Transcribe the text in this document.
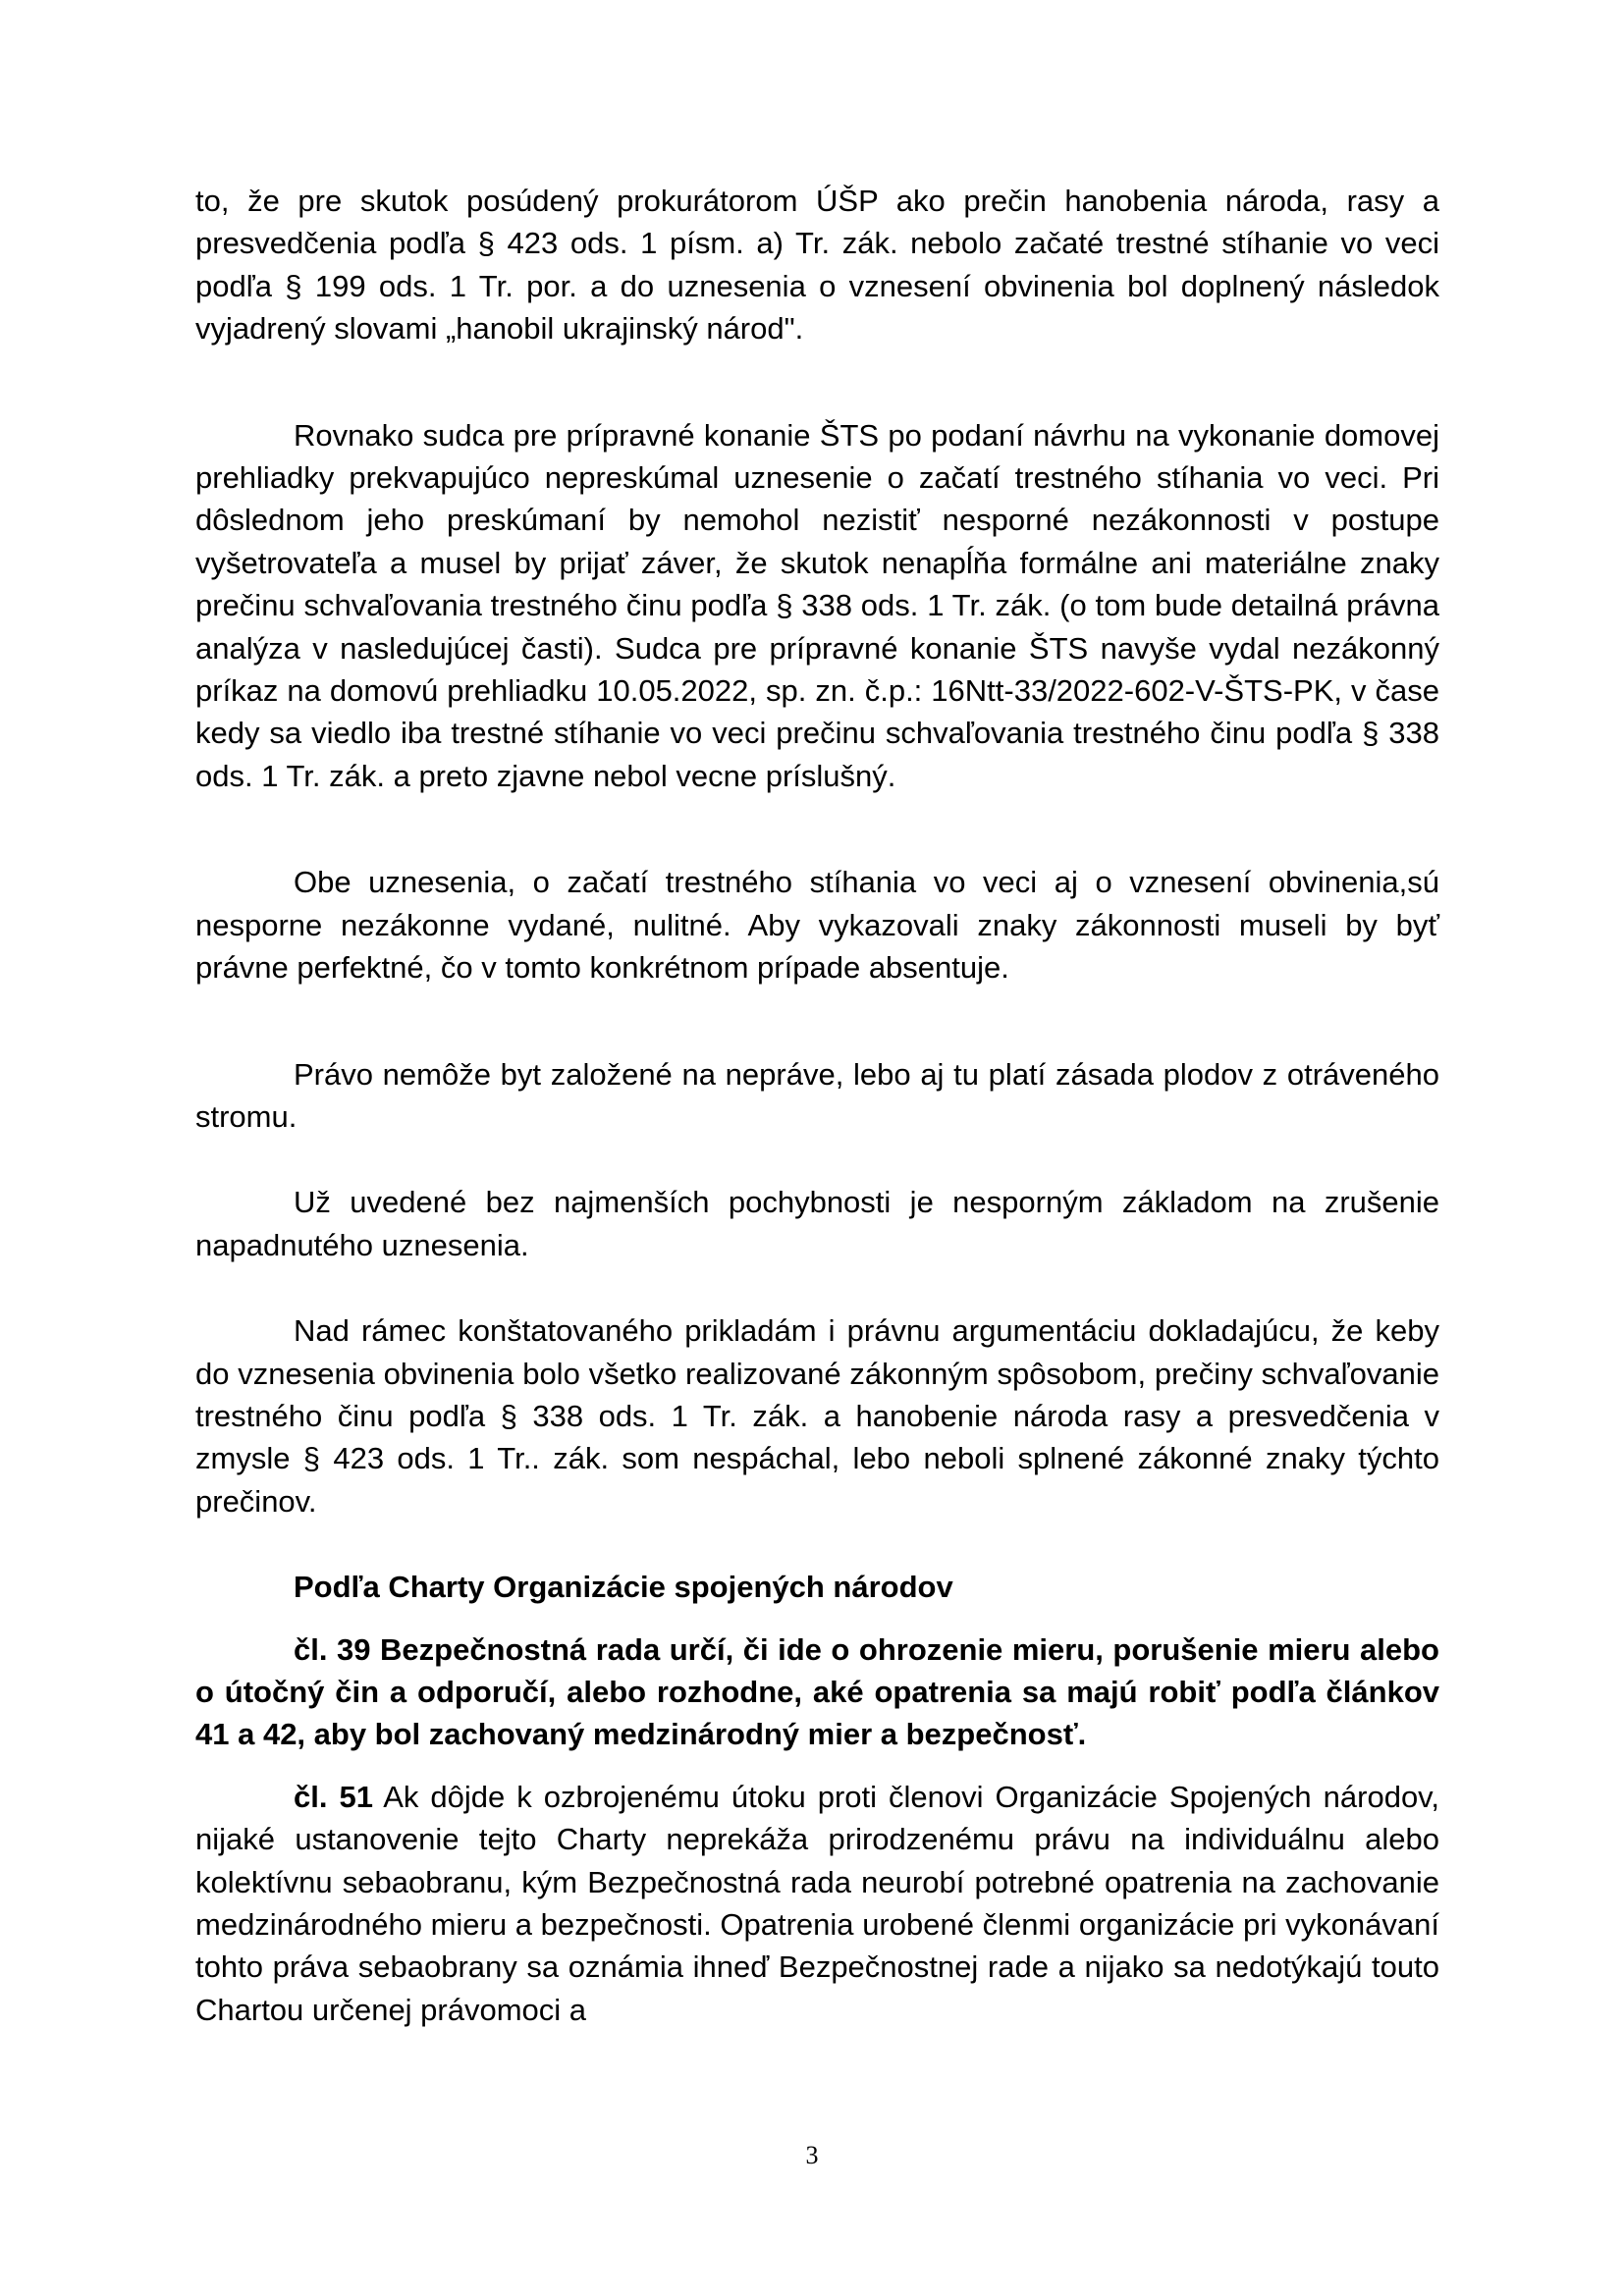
to, že pre skutok posúdený prokurátorom ÚŠP ako prečin hanobenia národa, rasy a presvedčenia podľa § 423 ods. 1 písm. a) Tr. zák. nebolo začaté trestné stíhanie vo veci podľa § 199 ods. 1 Tr. por. a do uznesenia o vznesení obvinenia bol doplnený následok vyjadrený slovami „hanobil ukrajinský národ".

Rovnako sudca pre prípravné konanie ŠTS po podaní návrhu na vykonanie domovej prehliadky prekvapujúco nepreskúmal uznesenie o začatí trestného stíhania vo veci. Pri dôslednom jeho preskúmaní by nemohol nezistiť nesporné nezákonnosti v postupe vyšetrovateľa a musel by prijať záver, že skutok nenapĺňa formálne ani materiálne znaky prečinu schvaľovania trestného činu podľa § 338 ods. 1 Tr. zák. (o tom bude detailná právna analýza v nasledujúcej časti). Sudca pre prípravné konanie ŠTS navyše vydal nezákonný príkaz na domovú prehliadku 10.05.2022, sp. zn. č.p.: 16Ntt-33/2022-602-V-ŠTS-PK, v čase kedy sa viedlo iba trestné stíhanie vo veci prečinu schvaľovania trestného činu podľa § 338 ods. 1 Tr. zák. a preto zjavne nebol vecne príslušný.

Obe uznesenia, o začatí trestného stíhania vo veci aj o vznesení obvinenia,sú nesporne nezákonne vydané, nulitné. Aby vykazovali znaky zákonnosti museli by byť právne perfektné, čo v tomto konkrétnom prípade absentuje.

Právo nemôže byt založené na neprávе, lebo aj tu platí zásada plodov z otráveného stromu.

Už uvedené bez najmenších pochybnosti je nesporným základom na zrušenie napadnutého uznesenia.

Nad rámec konštatovaného prikladám i právnu argumentáciu dokladajúcu, že keby do vznesenia obvinenia bolo všetko realizované zákonným spôsobom, prečiny schvaľovanie trestného činu podľa § 338 ods. 1 Tr. zák. a hanobenie národa rasy a presvedčenia v zmysle § 423 ods. 1 Tr.. zák. som nespáchal, lebo neboli splnené zákonné znaky týchto prečinov.

Podľa Charty Organizácie spojených národov

čl. 39 Bezpečnostná rada určí, či ide o ohrozenie mieru, porušenie mieru alebo o útočný čin a odporučí, alebo rozhodne, aké opatrenia sa majú robiť podľa článkov 41 a 42, aby bol zachovaný medzinárodný mier a bezpečnosť.

čl. 51 Ak dôjde k ozbrojenému útoku proti členovi Organizácie Spojených národov, nijaké ustanovenie tejto Charty neprekáža prirodzenému právu na individuálnu alebo kolektívnu sebaobranu, kým Bezpečnostná rada neurobí potrebné opatrenia na zachovanie medzinárodného mieru a bezpečnosti. Opatrenia urobené členmi organizácie pri vykonávaní tohto práva sebaobrany sa oznámia ihneď Bezpečnostnej rade a nijako sa nedotýkajú touto Chartou určenej právomoci a

3
